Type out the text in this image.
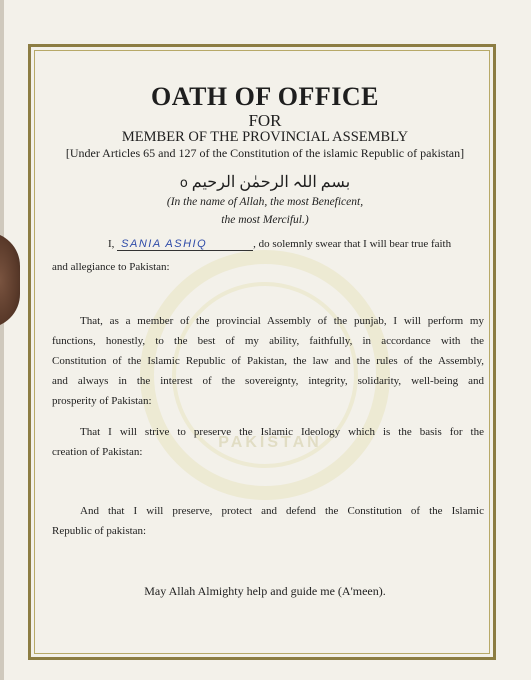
PAKISTAN
OATH OF OFFICE
FOR
MEMBER OF THE PROVINCIAL ASSEMBLY
[Under Articles 65 and 127 of the Constitution of the islamic Republic of pakistan]
o بسم اللہ الرحمٰن الرحیم
(In the name of Allah, the most Beneficent,
the most Merciful.)
I, SANIA ASHIQ	, do solemnly swear that I will bear true faith
and allegiance to Pakistan:
That, as a member of the provincial Assembly of the punjab, I will perform my
functions, honestly, to the best of my ability, faithfully, in accordance with the
Constitution of the Islamic Republic of Pakistan, the law and the rules of the Assembly,
and always in the interest of the sovereignty, integrity, solidarity, well-being and
prosperity of Pakistan:
That I will strive to preserve the Islamic Ideology which is the basis for the
creation of Pakistan:
And that I will preserve, protect and defend the Constitution of the Islamic
Republic of pakistan:
May Allah Almighty help and guide me (A'meen).
